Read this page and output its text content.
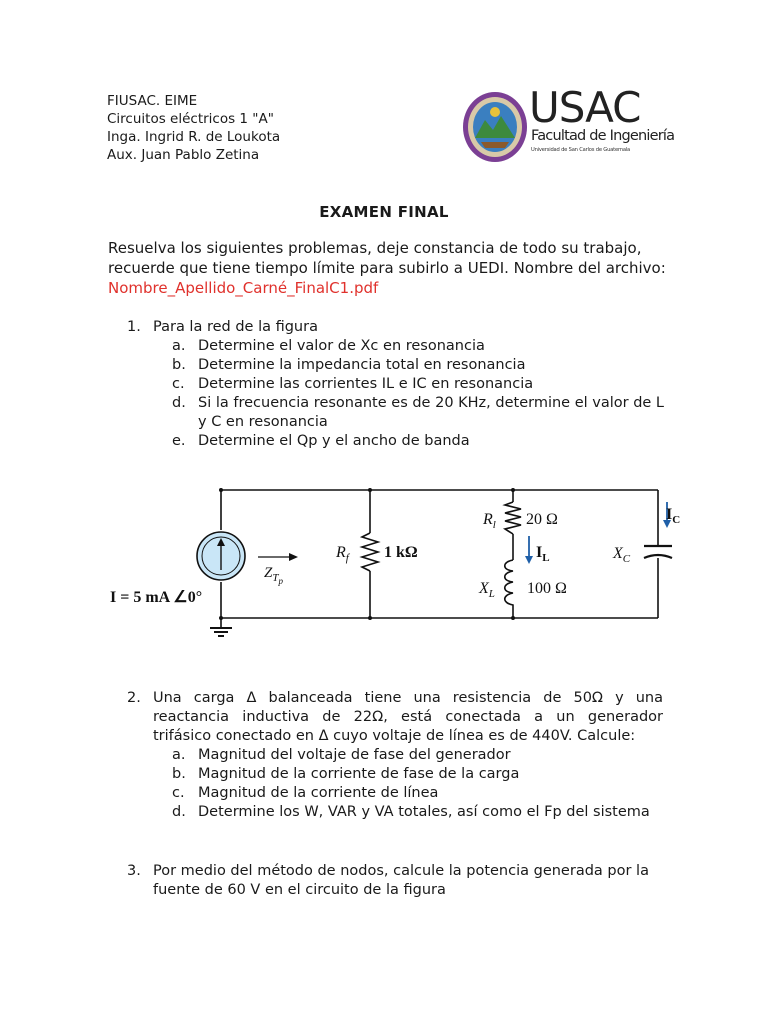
FIUSAC. EIME
Circuitos eléctricos 1 "A"
Inga. Ingrid R. de Loukota
Aux. Juan Pablo Zetina
USAC
Facultad de Ingeniería
Universidad de San Carlos de Guatemala
EXAMEN FINAL
Resuelva los siguientes problemas, deje constancia de todo su trabajo,
recuerde que tiene tiempo límite para subirlo a UEDI. Nombre del archivo:
Nombre_Apellido_Carné_FinalC1.pdf
1. Para la red de la figura
a. Determine el valor de Xc en resonancia
b. Determine la impedancia total en resonancia
c. Determine las corrientes IL e IC en resonancia
d. Si la frecuencia resonante es de 20 KHz, determine el valor de L
y C en resonancia
e. Determine el Qp y el ancho de banda
I = 5 mA ∠0°
$Z_{Tp}$
$R_f$ 1 kΩ
$R_l$ 20 Ω
$I_L$
$X_L$ 100 Ω
$X_C$
$I_C$
2. Una carga Δ balanceada tiene una resistencia de 50Ω y una
reactancia inductiva de 22Ω, está conectada a un generador
trifásico conectado en Δ cuyo voltaje de línea es de 440V. Calcule:
a. Magnitud del voltaje de fase del generador
b. Magnitud de la corriente de fase de la carga
c. Magnitud de la corriente de línea
d. Determine los W, VAR y VA totales, así como el Fp del sistema
3. Por medio del método de nodos, calcule la potencia generada por la
fuente de 60 V en el circuito de la figura
